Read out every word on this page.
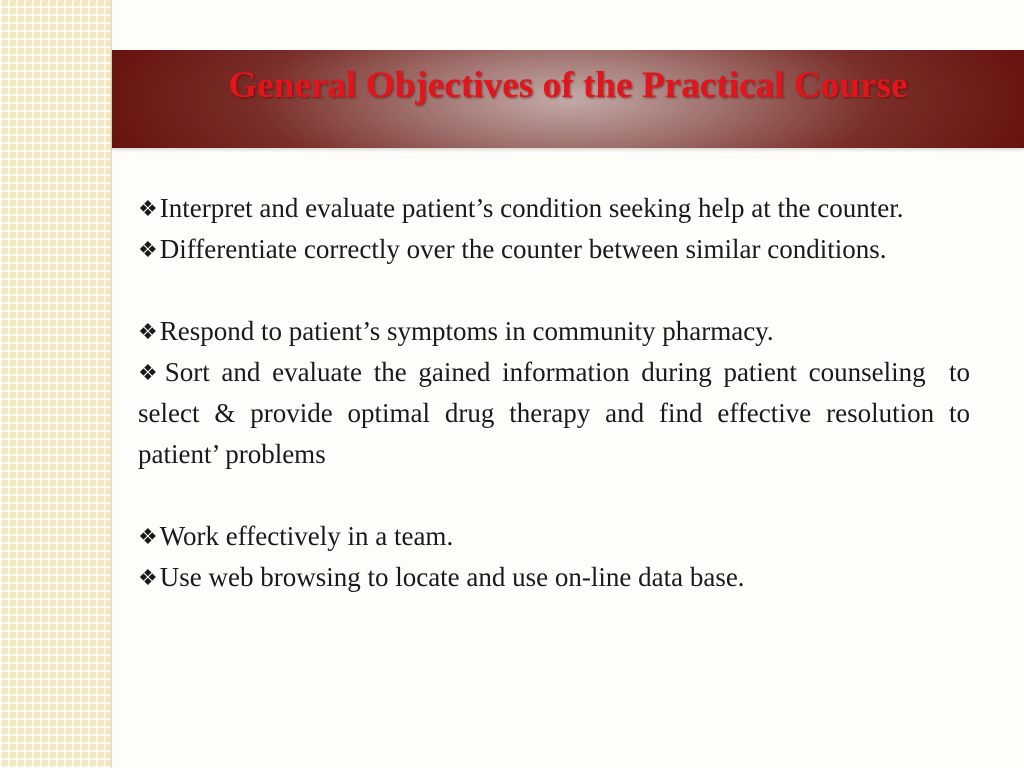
General Objectives of the Practical Course

❖Interpret and evaluate patient’s condition seeking help at the counter.

❖Differentiate correctly over the counter between similar conditions.

❖Respond to patient’s symptoms in community pharmacy.

❖Sort and evaluate the gained information during patient counseling  to select & provide optimal drug therapy and find effective resolution to patient’ problems

❖Work effectively in a team.

❖Use web browsing to locate and use on-line data base.
